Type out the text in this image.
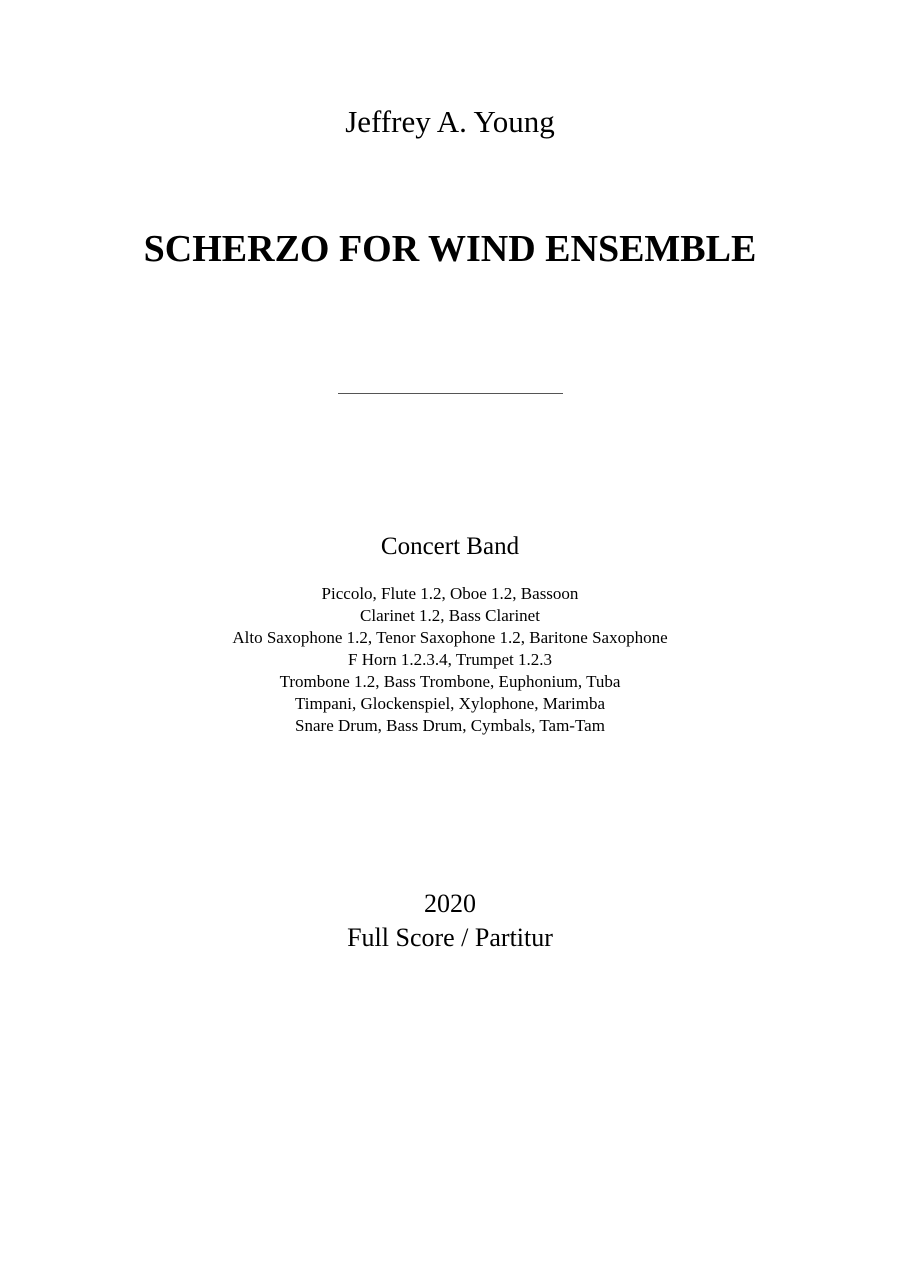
Jeffrey A. Young
SCHERZO FOR WIND ENSEMBLE
Concert Band
Piccolo, Flute 1.2, Oboe 1.2, Bassoon
Clarinet 1.2, Bass Clarinet
Alto Saxophone 1.2, Tenor Saxophone 1.2, Baritone Saxophone
F Horn 1.2.3.4, Trumpet 1.2.3
Trombone 1.2, Bass Trombone, Euphonium, Tuba
Timpani, Glockenspiel, Xylophone, Marimba
Snare Drum, Bass Drum, Cymbals, Tam-Tam
2020
Full Score / Partitur
